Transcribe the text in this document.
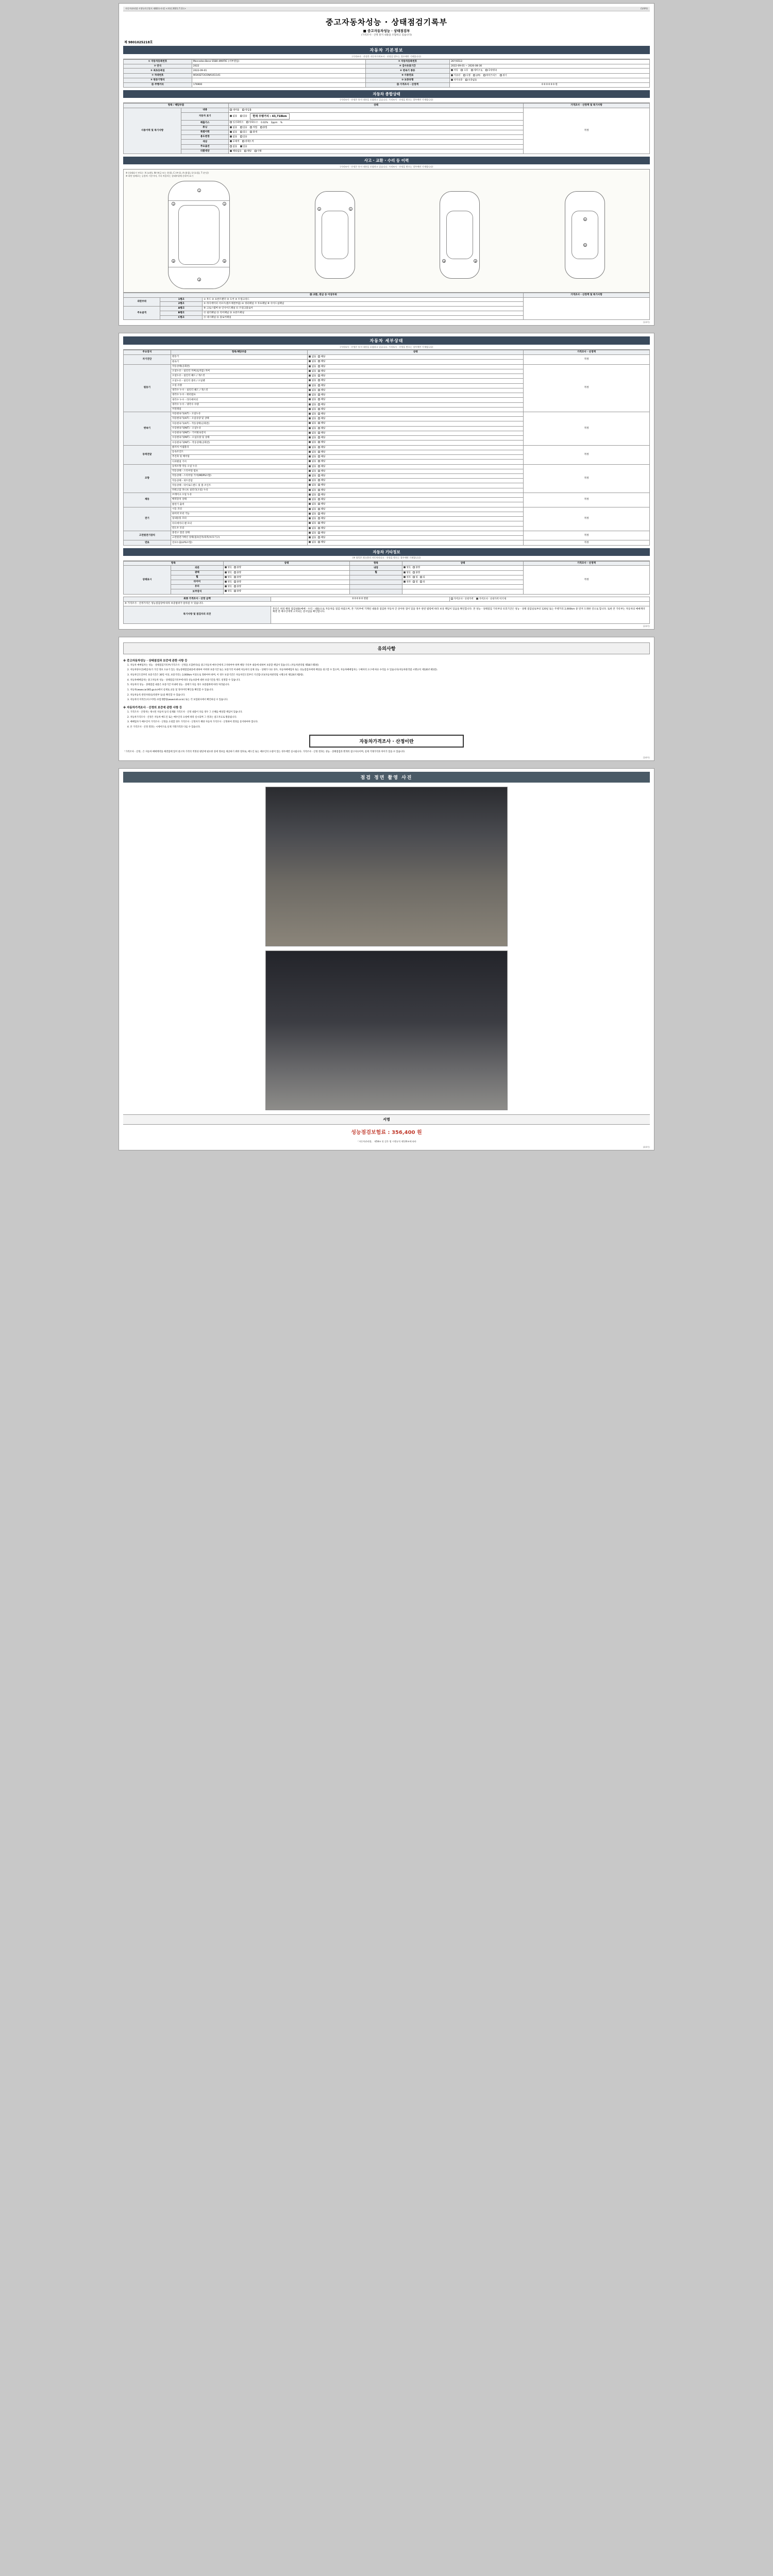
자동차관리법 시행규칙 [별지 제82호서식] <개정 2021.7.13.>	(1/4쪽)
중고자동차성능 · 상태점검기록부
■ 중고자동차성능 · 상태점검부
(가격조사 · 산정 통지 내용을 포함하고 있습니다)
제 9801025218호
자동차 기본정보
(가격조사 · 산정은 자동차가격조사 · 산정을 받으는 경우에만 기재합니다)
① 자동차등록번호	Mercedes-Benz S580 4MATIC (서부영업)	② 자동차등록번호	26두6513
③ 연식	2022	④ 검사유효기간	2022-09-01 ~ 2026-08-30
⑤ 최초등록일	2022-09-01	⑥ 변속기 종류	자동 수동 세미오토 무단변속
⑦ 차대번호	W1K0Z72G5NA161141	⑧ 사용연료	가솔린 디젤 LPG 하이브리드 전기
⑨ 원동기형식		⑩ 보증유형	자가보증 보증없음
⑪ 주행거리	176900	⑫ 가격조사 · 산정액	0 0 0 0 0 0 원
자동차 종합상태
(가격조사 · 산정은 통지 내용을 포함하고 있습니다. 가격조사 · 산정을 받으는 경우에만 기재합니다)
항목 / 해당부품		상태	가격조사 · 산정액 및 특기사항
사용이력 및 특기사항	내용	대여용 영업용	적정
	자동차 표기	없음 있음 현재 주행거리 : 43,718km	
	배출가스	일산화탄소 탄화수소 0.02% 2ppm %	
	튜닝	없음 있음 적법 불법	
	특별이력	없음 침수 화재	
	용도변경	없음 있음	
	색상	무채색 전체도색	
	주요옵션	없음 있음	
	리콜대상	해당없음 해당 이행	
사고 · 교환 · 수리 등 이력
(가격조사 · 산정은 통지 내용을 포함하고 있습니다. 가격조사 · 산정을 받으는 경우에만 기재합니다)
※ (상태표시 부호) : X (교환), W (판금 또는 용접), C (부식), A (흠집), U (요철), T (손상)
※ 하단 당해로는 승용차 기준이며, 기타 차종의는 상태부위에 준하여 표기
2	2
1
4
6	6
3	3
8	8
9
11
⑳ 교환, 판금 등 이상부위			가격조사 · 산정액 및 특기사항
외판부위	1랭크	① 후드 ② 프론트팬더 ③ 도어 ④ 트렁크리드	
	2랭크	⑤ 라디에이터 서포트(볼트체결부품) ⑥ 쿼터패널 ⑦ 루프패널 ⑧ 사이드실패널	
주요골격	A랭크	⑨ 크로스멤버 ⑩ 인사이드패널 ⑪ 트렁크플로어	
	B랭크	⑫ 필러패널 ⑬ 리어패널 ⑭ 프론트패널	
	C랭크	⑮ 대시패널 ⑯ 플로어패널	
(1/4쪽)
자동차 세부상태
(가격조사 · 산정은 통지 내용을 포함하고 있습니다. 가격조사 · 산정을 받으는 경우에만 기재합니다)
주요장치	항목/해당부품	상태	가격조사 · 산정액
자기진단	원동기	없음 해당	적정
	변속기	없음 해당	
원동기	작동상태(공회전)	없음 해당	적정
	오일누유 - 실린더 커버(로커암) 커버	없음 해당	
	오일누유 - 실린더 헤드 / 개스킷	없음 해당	
	오일누유 - 실린더 블록 / 오일팬	없음 해당	
	오일 유량	없음 해당	
	냉각수 누수 - 실린더 헤드 / 개스킷	없음 해당	
	냉각수 누수 - 워터펌프	없음 해당	
	냉각수 누수 - 라디에이터	없음 해당	
	냉각수 누수 - 냉각수 수량	없음 해당	
	커먼레일	없음 해당	
변속기	자동변속기(A/T) - 오일누유	없음 해당	적정
	자동변속기(A/T) - 오일유량 및 상태	없음 해당	
	자동변속기(A/T) - 작동상태(공회전)	없음 해당	
	수동변속기(M/T) - 오일누유	없음 해당	
	수동변속기(M/T) - 기어변속장치	없음 해당	
	수동변속기(M/T) - 오일유량 및 상태	없음 해당	
	수동변속기(M/T) - 작동상태(공회전)	없음 해당	
동력전달	클러치 어셈블리	없음 해당	적정
	등속조인트	없음 해당	
	추진축 및 베어링	없음 해당	
	디퍼렌셜 기어	없음 해당	
조향	동력조향 작동 오일 누유	없음 해당	적정
	작동상태 - 스티어링 펌프	없음 해당	
	작동상태 - 스티어링 기어(MDPS포함)	없음 해당	
	작동상태 - 피트먼암	없음 해당	
	작동상태 - 타이로드엔드 및 볼 조인트	없음 해당	
	파워고압 파니프 실린더(오일) 누유	없음 해당	
제동	브레이크 오일 누유	없음 해당	적정
	베력장치 상태	없음 해당	
	발전기 출력	없음 해당	
전기	시동 모터	없음 해당	적정
	와이퍼 모터 기능	없음 해당	
	실내송풍 모터	없음 해당	
	라디에이터 팬 모터	없음 해당	
	윈도우 모터	없음 해당	
고전원전기장치	충전구 절연 상태	없음 해당	적정
	고전원전기배선 상태(접속단자/피복/보호기구)	없음 해당	
연료	연료누출(LPG포함)	없음 해당	적정
자동차 기타정보
(※ 항목은 최소한의 자동차의다소 · 산정을 받으는 경우에만 기재합니다)
항목		상태	항목	상태	가격조사 · 산정액
상태표시	외관	양호 불량	내장	양호 불량	적정
	광택	양호 불량	휠	양호 불량	
	휠	양호 불량		전부 앞 뒤	
	타이어	양호 불량		전부 앞 뒤	
	유리	양호 불량			
	보주장치	양호 불량			
최종 가격조사 · 산정 금액	0 0 0 0 0 천원	가격조사 · 산정가격 가격조사 · 산정가격 미기재
※ 가격조사 · 산정가격은 성능점검장에 따라 보증범위가 달라질 수 있습니다.		
특기사항 및 점검자의 의견	본인은 위의 해당 점검내용(매매ㆍ수리ㆍ내용)으로 자동차를 점검 하였으며, 본 기록부에 기재된 내용과 점검한 자동차 간 상이한 점이 있을 경우 관련 법령에 따라 보상 책임이 있음을 확인합니다. 본 성능ㆍ상태점검 기록부의 유효기간은 성능ㆍ상태 점검일로부터 120일 또는 주행거리 2,000km 중 먼저 도래한 것으로 합니다. 또한 본 기록부는 자동차의 매매계약 체결 전 매수인에게 고지되는 문서임을 확인합니다.	
(2/4쪽)
유의사항
※ 중고자동차성능 · 상태점검과 보증에 관한 사항 등
1. 자동차 매매업자는 성능 · 상태점검기록부(가격조사 · 산정을 포함한다)를 중고자동차 매수인에게 고지하여야 하며 해당 기록부 내용에 대하여 보증할 책임이 있습니다. (자동차관리법 제58조제5항)
2. 자동차양수인(매입자)가 가진 정보 오류가 있는 성능상태점검내용에 대하여 어떠한 보증기간 또는 보증거리 이내에 자동차의 실제 성능 · 상태가 다른 경우, 자동차매매업자 또는 성능점검자에게 배상을 청구할 수 있으며, 자동차매매업자는 구매자의 요구에 따른 수리를 수 있습니다(자동차관리법 시행규칙 제120조제1항).
3. 자동차인도일부터 보증기간은 30일 이상, 보증거리는 2,000km 이상으로 정하여야 하며, 이 경우 보증기간은 자동차인도일부터 기산합니다(자동차관리법 시행규칙 제120조제2항).
4. 자동차매매업자는 중고자동차 성능 · 상태점검기록부에 따라 성능보증에 대한 보증기간을 별도 설정할 수 있습니다.
5. 자동차의 성능 · 상태점검 내용은 보증기간 이내에 성능 · 상태가 다를 경우 보증범위에 따라 처리됩니다.
1. 자동차(www.car365.go.kr)에서 실제로 교통 및 정비이력 확인을 확인할 수 있습니다.
2. 자동차등록 관련사항(등록원부 등)을 확인할 수 있습니다.
3. 자동차의 이력은(사고이력) 보험개발원(www.kidi.or.kr) 또는 각 보험회사에서 확인하실 수 있습니다.
※ 자동차가격조사 · 산정의 보증에 관한 사항 등
1. 가격조사 · 산정자는 제시된 자동차 등의 실제와 가격조사 · 산정 내용이 다를 경우 그 손해를 배상할 책임이 있습니다.
2. 자동차가격조사 · 산정은 자동차 매도인 또는 매수인의 요청에 따라 실시되며 그 결과는 참고자료로 활용됩니다.
3. 매매업자가 매수인이 가격조사 · 산정을 요청할 경우 가격조사 · 산정자가 해당 자동차 가격조사 · 산정하여 결과를 통지하여야 합니다.
4. 본 가격조사 · 산정 결과는 시세이므로 실제 거래가격과 다를 수 있습니다.
자동차가격조사 · 산정이란
「가격조사 · 산정」은 자동차 매매계약을 체결함에 있어 중고차 가격의 적정성 판단에 필요한 상세 정보를 제공하기 위한 절차로, 매도인 또는 매수인의 요청이 있는 경우에만 실시됩니다. 가격조사 · 산정 결과는 성능 · 상태점검과 별개의 참고자료이며, 실제 거래가격과 차이가 있을 수 있습니다.
(3/4쪽)
점검 정면 촬영 사진
서명
성능점검보험료 : 356,400 원
「자동차관리법」 제58조 및 같은 법 시행규칙 제120조에 따라
(4/4쪽)
